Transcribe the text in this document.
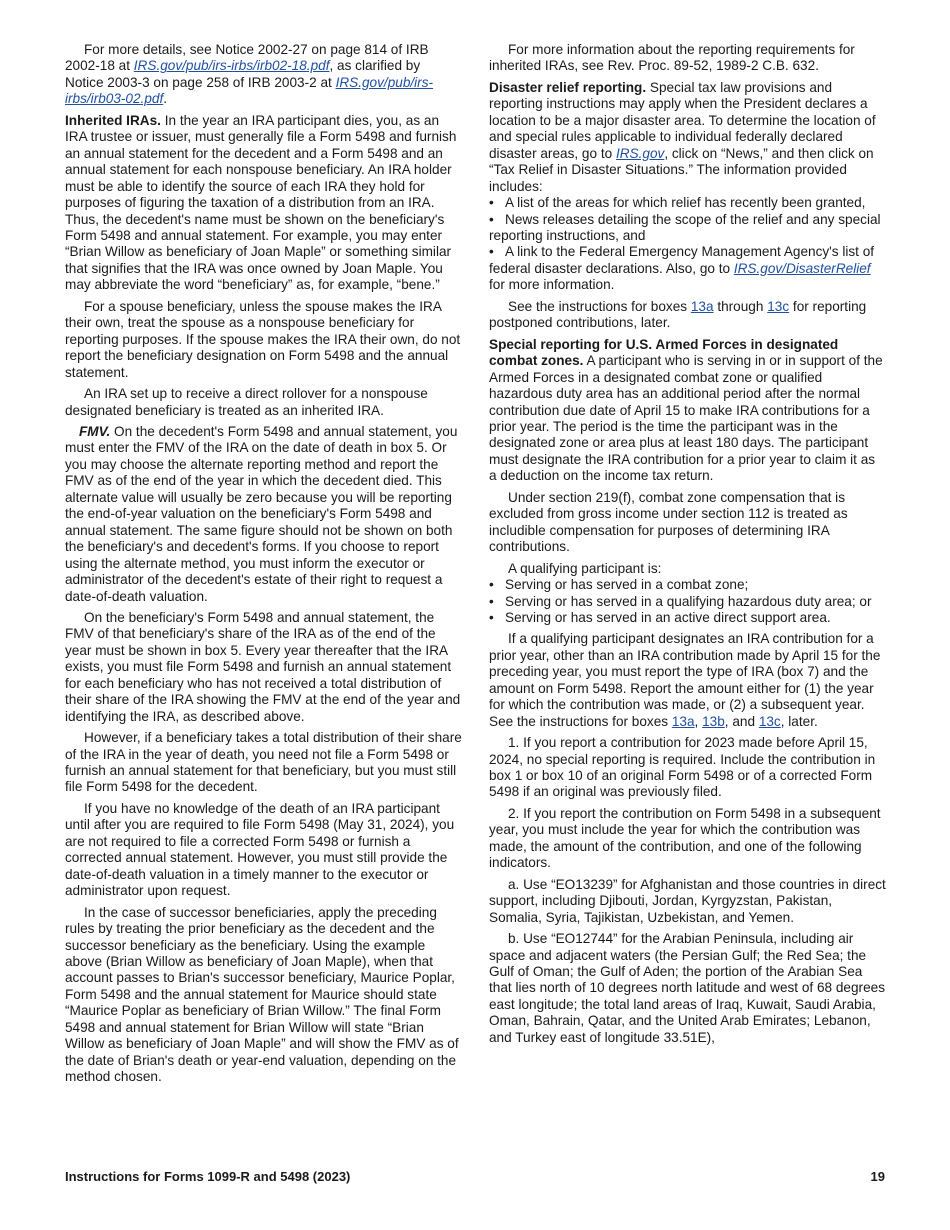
For more details, see Notice 2002-27 on page 814 of IRB 2002-18 at IRS.gov/pub/irs-irbs/irb02-18.pdf, as clarified by Notice 2003-3 on page 258 of IRB 2003-2 at IRS.gov/pub/irs-irbs/irb03-02.pdf.

Inherited IRAs. In the year an IRA participant dies, you, as an IRA trustee or issuer, must generally file a Form 5498 and furnish an annual statement for the decedent and a Form 5498 and an annual statement for each nonspouse beneficiary. An IRA holder must be able to identify the source of each IRA they hold for purposes of figuring the taxation of a distribution from an IRA. Thus, the decedent's name must be shown on the beneficiary's Form 5498 and annual statement. For example, you may enter “Brian Willow as beneficiary of Joan Maple” or something similar that signifies that the IRA was once owned by Joan Maple. You may abbreviate the word “beneficiary” as, for example, “bene.”

For a spouse beneficiary, unless the spouse makes the IRA their own, treat the spouse as a nonspouse beneficiary for reporting purposes. If the spouse makes the IRA their own, do not report the beneficiary designation on Form 5498 and the annual statement.

An IRA set up to receive a direct rollover for a nonspouse designated beneficiary is treated as an inherited IRA.

FMV. On the decedent's Form 5498 and annual statement, you must enter the FMV of the IRA on the date of death in box 5. Or you may choose the alternate reporting method and report the FMV as of the end of the year in which the decedent died. This alternate value will usually be zero because you will be reporting the end-of-year valuation on the beneficiary's Form 5498 and annual statement. The same figure should not be shown on both the beneficiary's and decedent's forms. If you choose to report using the alternate method, you must inform the executor or administrator of the decedent's estate of their right to request a date-of-death valuation.

On the beneficiary's Form 5498 and annual statement, the FMV of that beneficiary's share of the IRA as of the end of the year must be shown in box 5. Every year thereafter that the IRA exists, you must file Form 5498 and furnish an annual statement for each beneficiary who has not received a total distribution of their share of the IRA showing the FMV at the end of the year and identifying the IRA, as described above.

However, if a beneficiary takes a total distribution of their share of the IRA in the year of death, you need not file a Form 5498 or furnish an annual statement for that beneficiary, but you must still file Form 5498 for the decedent.

If you have no knowledge of the death of an IRA participant until after you are required to file Form 5498 (May 31, 2024), you are not required to file a corrected Form 5498 or furnish a corrected annual statement. However, you must still provide the date-of-death valuation in a timely manner to the executor or administrator upon request.

In the case of successor beneficiaries, apply the preceding rules by treating the prior beneficiary as the decedent and the successor beneficiary as the beneficiary. Using the example above (Brian Willow as beneficiary of Joan Maple), when that account passes to Brian's successor beneficiary, Maurice Poplar, Form 5498 and the annual statement for Maurice should state “Maurice Poplar as beneficiary of Brian Willow.” The final Form 5498 and annual statement for Brian Willow will state “Brian Willow as beneficiary of Joan Maple” and will show the FMV as of the date of Brian's death or year-end valuation, depending on the method chosen.

For more information about the reporting requirements for inherited IRAs, see Rev. Proc. 89-52, 1989-2 C.B. 632.

Disaster relief reporting. Special tax law provisions and reporting instructions may apply when the President declares a location to be a major disaster area. To determine the location of and special rules applicable to individual federally declared disaster areas, go to IRS.gov, click on “News,” and then click on “Tax Relief in Disaster Situations.” The information provided includes:

• A list of the areas for which relief has recently been granted,
• News releases detailing the scope of the relief and any special reporting instructions, and
• A link to the Federal Emergency Management Agency's list of federal disaster declarations. Also, go to IRS.gov/DisasterRelief for more information.

See the instructions for boxes 13a through 13c for reporting postponed contributions, later.

Special reporting for U.S. Armed Forces in designated combat zones. A participant who is serving in or in support of the Armed Forces in a designated combat zone or qualified hazardous duty area has an additional period after the normal contribution due date of April 15 to make IRA contributions for a prior year. The period is the time the participant was in the designated zone or area plus at least 180 days. The participant must designate the IRA contribution for a prior year to claim it as a deduction on the income tax return.

Under section 219(f), combat zone compensation that is excluded from gross income under section 112 is treated as includible compensation for purposes of determining IRA contributions.

A qualifying participant is:

• Serving or has served in a combat zone;
• Serving or has served in a qualifying hazardous duty area; or
• Serving or has served in an active direct support area.

If a qualifying participant designates an IRA contribution for a prior year, other than an IRA contribution made by April 15 for the preceding year, you must report the type of IRA (box 7) and the amount on Form 5498. Report the amount either for (1) the year for which the contribution was made, or (2) a subsequent year. See the instructions for boxes 13a, 13b, and 13c, later.

1. If you report a contribution for 2023 made before April 15, 2024, no special reporting is required. Include the contribution in box 1 or box 10 of an original Form 5498 or of a corrected Form 5498 if an original was previously filed.

2. If you report the contribution on Form 5498 in a subsequent year, you must include the year for which the contribution was made, the amount of the contribution, and one of the following indicators.

a. Use “EO13239” for Afghanistan and those countries in direct support, including Djibouti, Jordan, Kyrgyzstan, Pakistan, Somalia, Syria, Tajikistan, Uzbekistan, and Yemen.

b. Use “EO12744” for the Arabian Peninsula, including air space and adjacent waters (the Persian Gulf; the Red Sea; the Gulf of Oman; the Gulf of Aden; the portion of the Arabian Sea that lies north of 10 degrees north latitude and west of 68 degrees east longitude; the total land areas of Iraq, Kuwait, Saudi Arabia, Oman, Bahrain, Qatar, and the United Arab Emirates; Lebanon, and Turkey east of longitude 33.51E),

Instructions for Forms 1099-R and 5498 (2023)	19
